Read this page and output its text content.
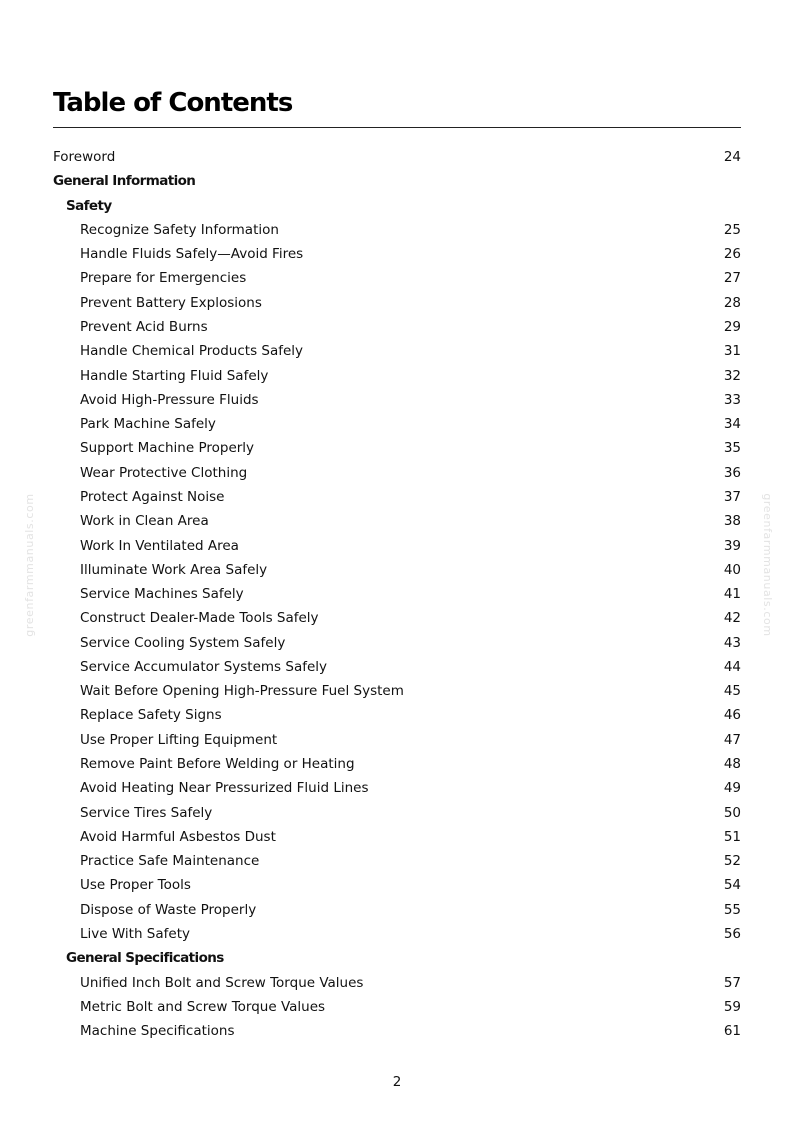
greenfarmmanuals.com	greenfarmmanuals.com
Table of Contents
Foreword	24
General Information
Safety
Recognize Safety Information	25
Handle Fluids Safely—Avoid Fires	26
Prepare for Emergencies	27
Prevent Battery Explosions	28
Prevent Acid Burns	29
Handle Chemical Products Safely	31
Handle Starting Fluid Safely	32
Avoid High-Pressure Fluids	33
Park Machine Safely	34
Support Machine Properly	35
Wear Protective Clothing	36
Protect Against Noise	37
Work in Clean Area	38
Work In Ventilated Area	39
Illuminate Work Area Safely	40
Service Machines Safely	41
Construct Dealer-Made Tools Safely	42
Service Cooling System Safely	43
Service Accumulator Systems Safely	44
Wait Before Opening High-Pressure Fuel System	45
Replace Safety Signs	46
Use Proper Lifting Equipment	47
Remove Paint Before Welding or Heating	48
Avoid Heating Near Pressurized Fluid Lines	49
Service Tires Safely	50
Avoid Harmful Asbestos Dust	51
Practice Safe Maintenance	52
Use Proper Tools	54
Dispose of Waste Properly	55
Live With Safety	56
General Specifications
Unified Inch Bolt and Screw Torque Values	57
Metric Bolt and Screw Torque Values	59
Machine Specifications	61
2
